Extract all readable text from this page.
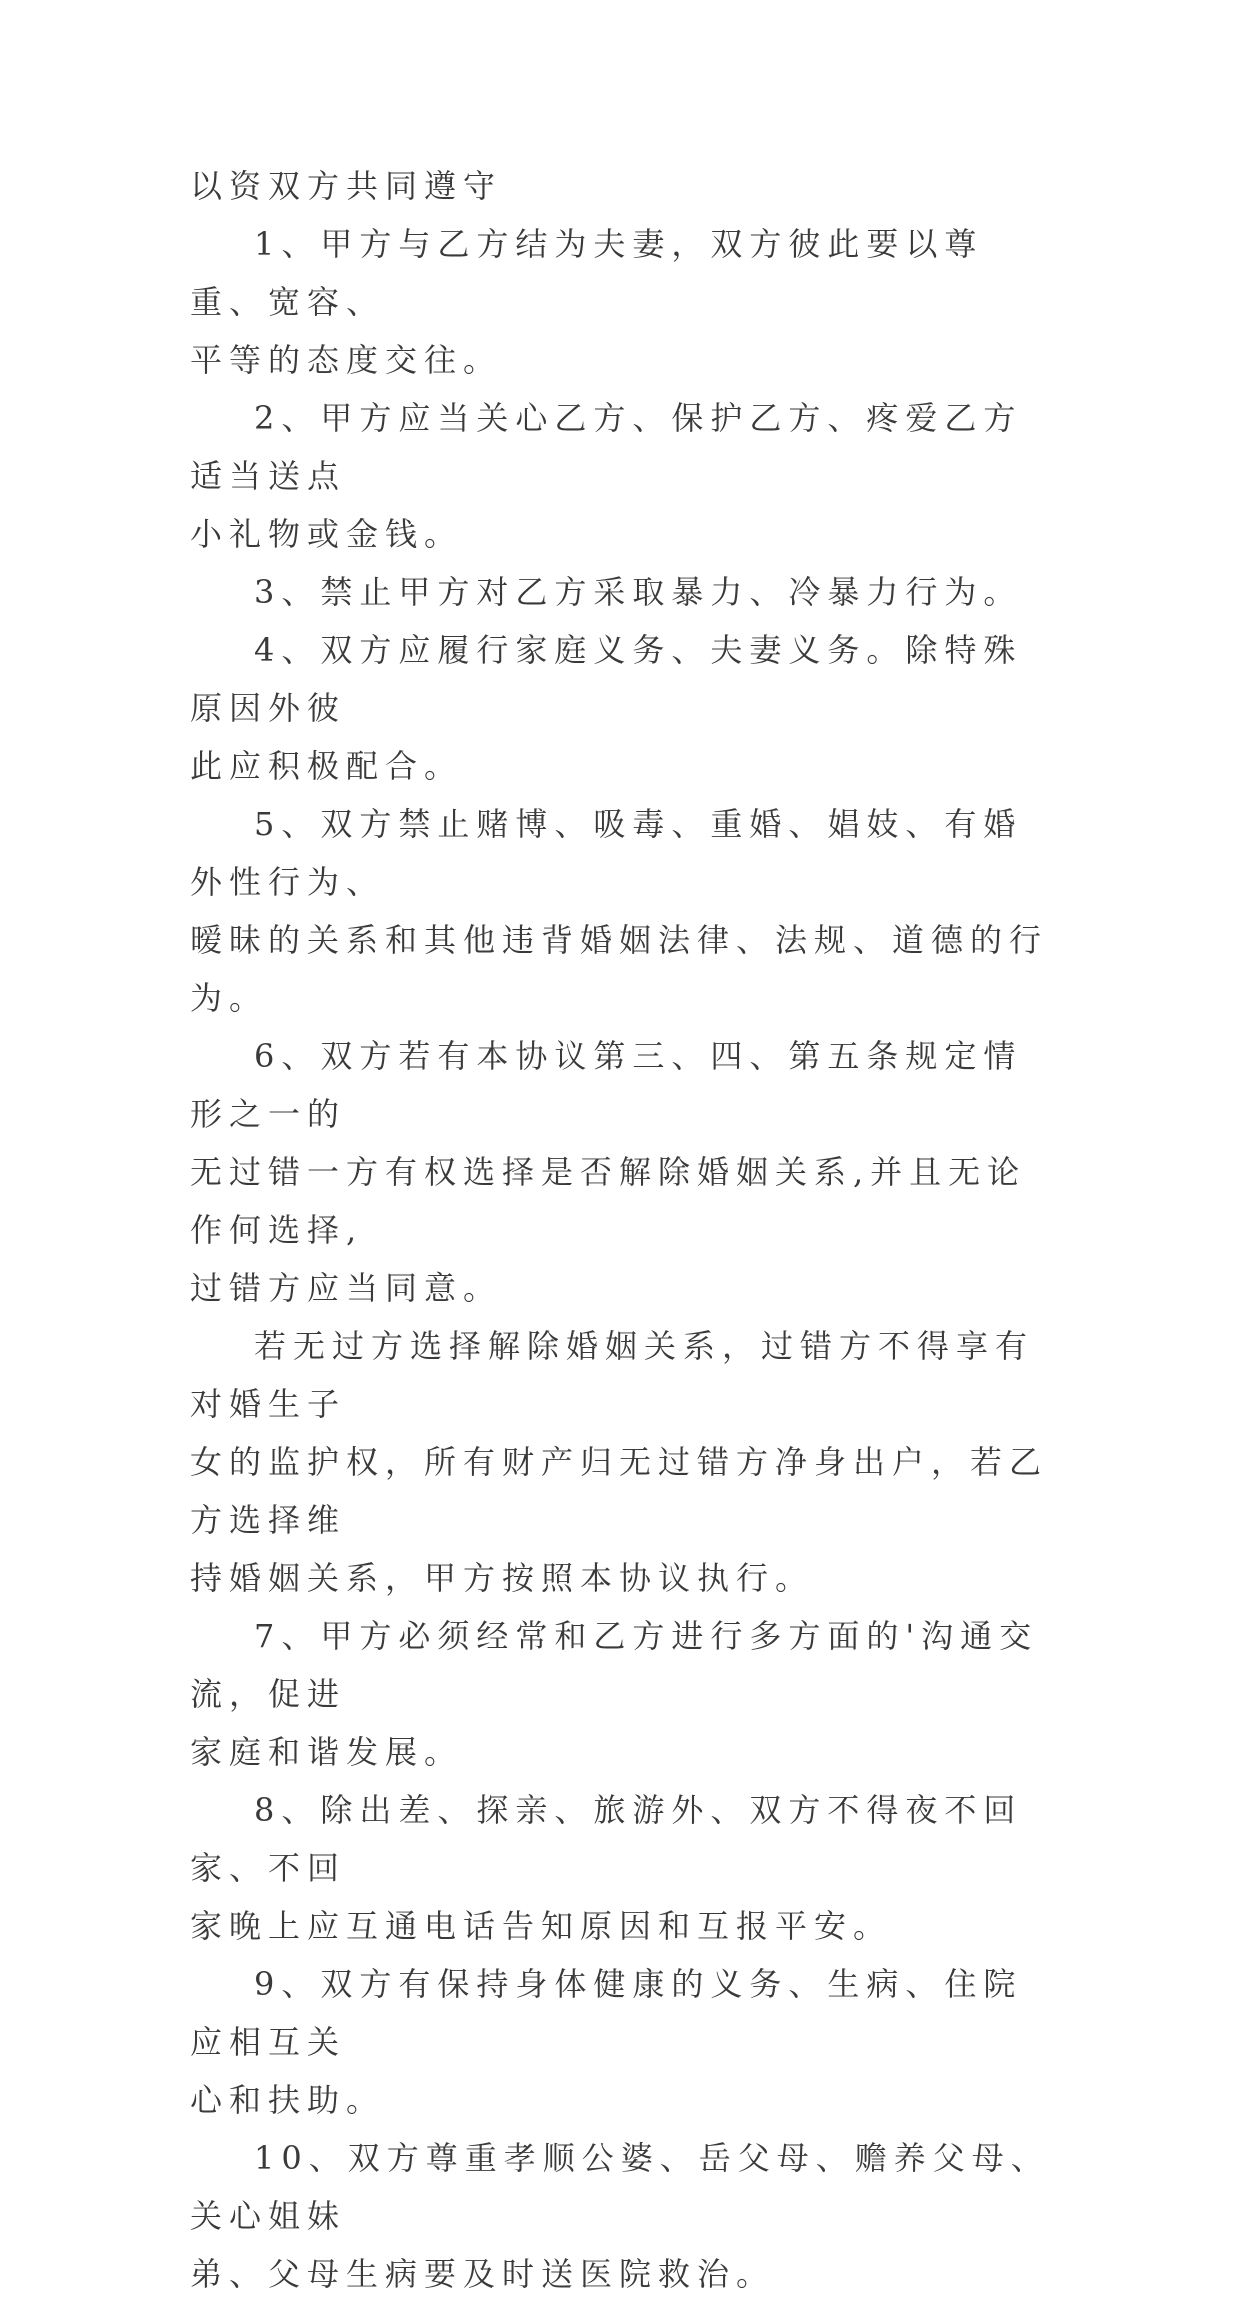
以资双方共同遵守

1、甲方与乙方结为夫妻，双方彼此要以尊重、宽容、

平等的态度交往。

2、甲方应当关心乙方、保护乙方、疼爱乙方适当送点

小礼物或金钱。

3、禁止甲方对乙方采取暴力、冷暴力行为。

4、双方应履行家庭义务、夫妻义务。除特殊原因外彼

此应积极配合。

5、双方禁止赌博、吸毒、重婚、娼妓、有婚外性行为、

暧昧的关系和其他违背婚姻法律、法规、道德的行为。

6、双方若有本协议第三、四、第五条规定情形之一的

无过错一方有权选择是否解除婚姻关系,并且无论作何选择,

过错方应当同意。

若无过方选择解除婚姻关系，过错方不得享有对婚生子

女的监护权，所有财产归无过错方净身出户，若乙方选择维

持婚姻关系，甲方按照本协议执行。

7、甲方必须经常和乙方进行多方面的'沟通交流，促进

家庭和谐发展。

8、除出差、探亲、旅游外、双方不得夜不回家、不回

家晚上应互通电话告知原因和互报平安。

9、双方有保持身体健康的义务、生病、住院应相互关

心和扶助。

10、双方尊重孝顺公婆、岳父母、赡养父母、关心姐妹

弟、父母生病要及时送医院救治。
